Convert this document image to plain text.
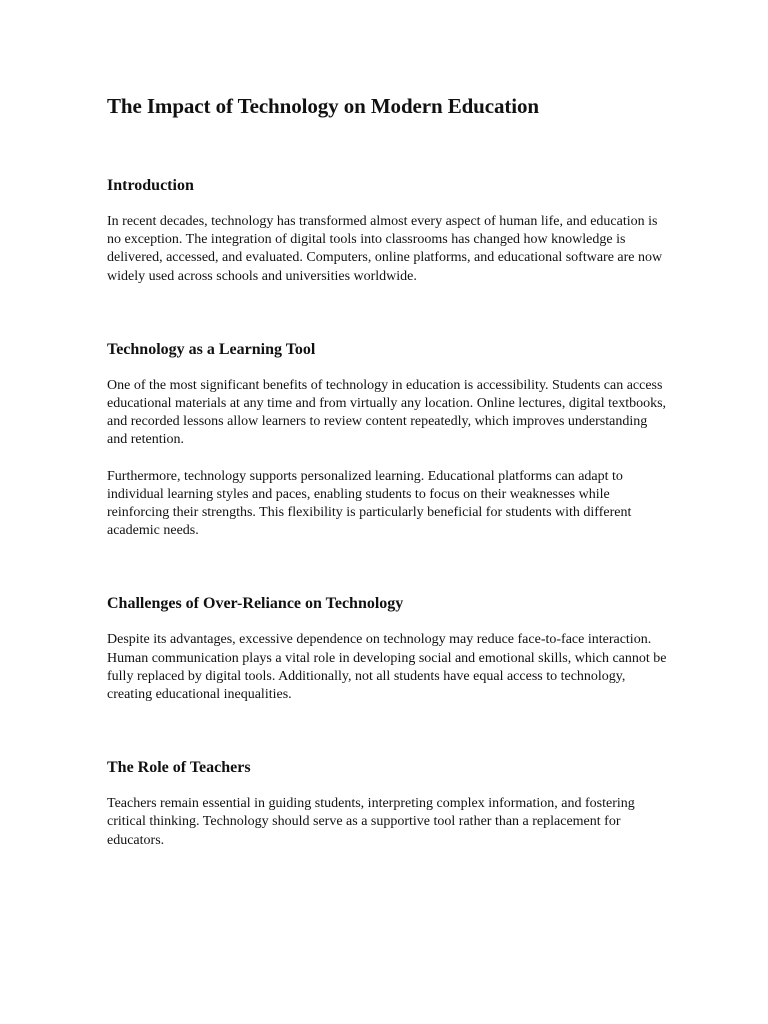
The Impact of Technology on Modern Education
Introduction

In recent decades, technology has transformed almost every aspect of human life, and education is no exception. The integration of digital tools into classrooms has changed how knowledge is delivered, accessed, and evaluated. Computers, online platforms, and educational software are now widely used across schools and universities worldwide.

Technology as a Learning Tool

One of the most significant benefits of technology in education is accessibility. Students can access educational materials at any time and from virtually any location. Online lectures, digital textbooks, and recorded lessons allow learners to review content repeatedly, which improves understanding and retention.

Furthermore, technology supports personalized learning. Educational platforms can adapt to individual learning styles and paces, enabling students to focus on their weaknesses while reinforcing their strengths. This flexibility is particularly beneficial for students with different academic needs.

Challenges of Over-Reliance on Technology

Despite its advantages, excessive dependence on technology may reduce face-to-face interaction. Human communication plays a vital role in developing social and emotional skills, which cannot be fully replaced by digital tools. Additionally, not all students have equal access to technology, creating educational inequalities.

The Role of Teachers

Teachers remain essential in guiding students, interpreting complex information, and fostering critical thinking. Technology should serve as a supportive tool rather than a replacement for educators.
